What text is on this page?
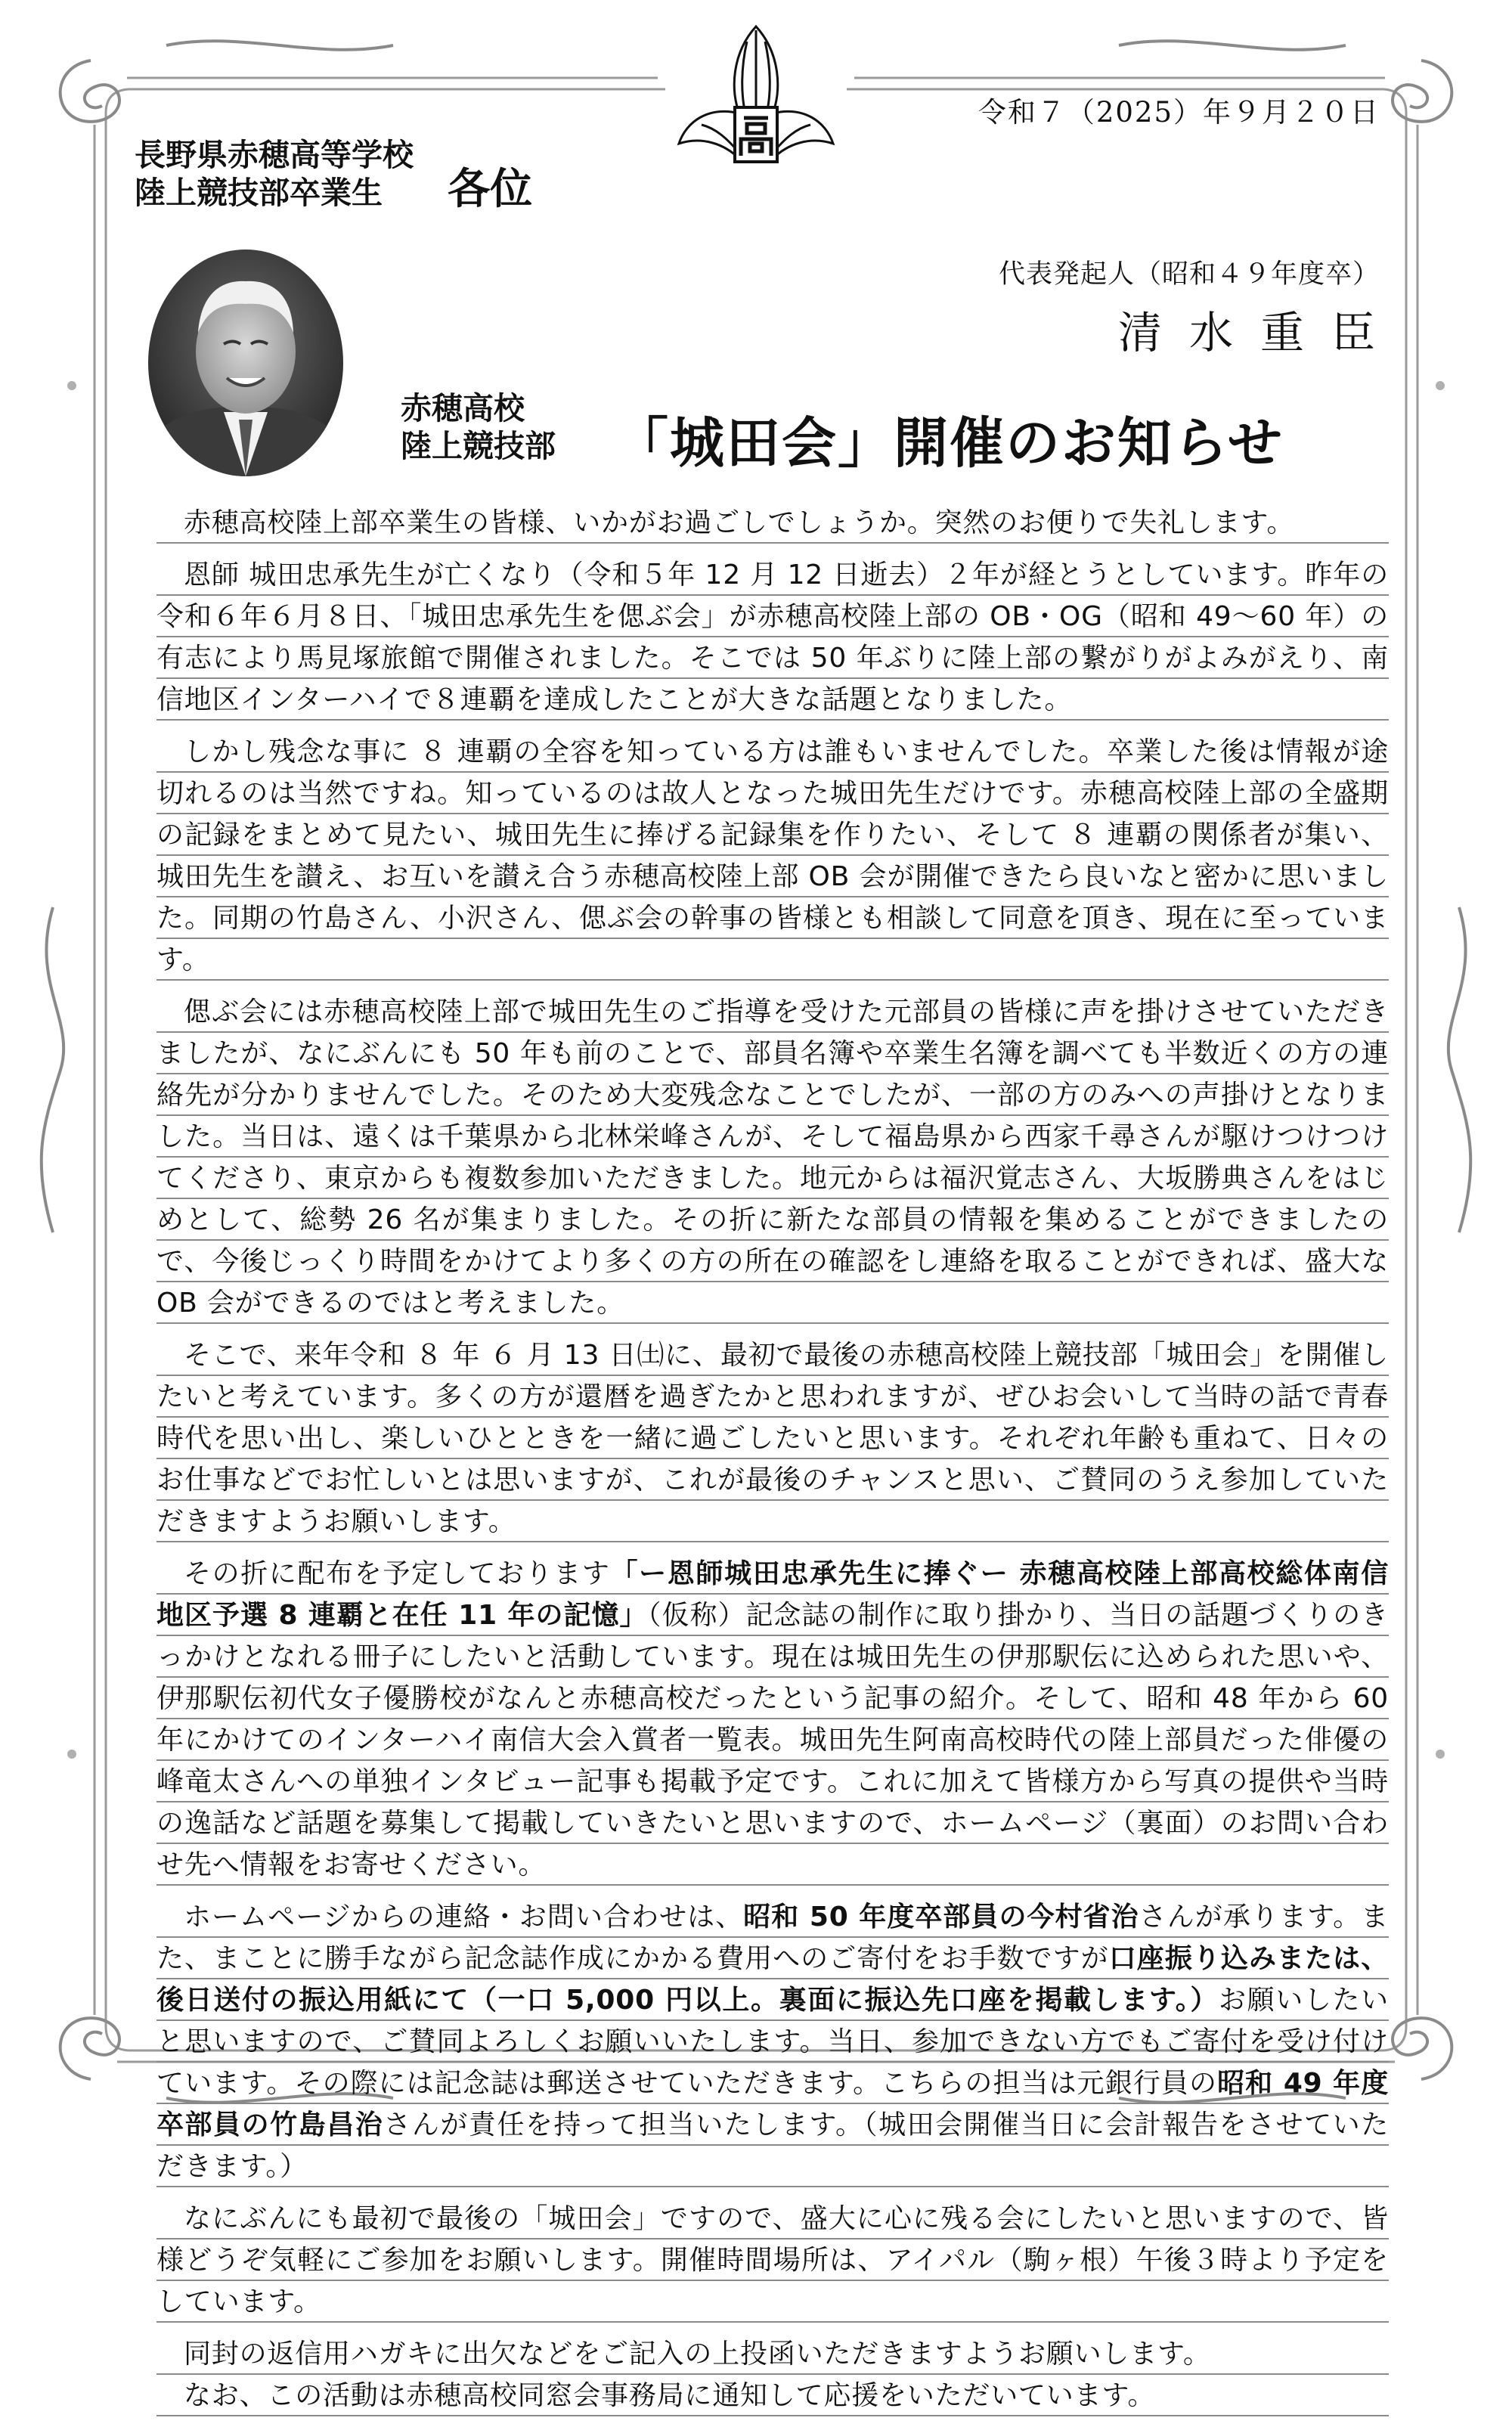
令和７（2025）年９月２０日
長野県赤穂高等学校
陸上競技部卒業生	各位
代表発起人（昭和４９年度卒）
清水重臣
赤穂高校
陸上競技部 「城田会」開催のお知らせ

赤穂高校陸上部卒業生の皆様、いかがお過ごしでしょうか。突然のお便りで失礼します。

恩師 城田忠承先生が亡くなり（令和５年 12 月 12 日逝去）２年が経とうとしています。昨年の令和６年６月８日、「城田忠承先生を偲ぶ会」が赤穂高校陸上部の OB・OG（昭和 49～60 年）の有志により馬見塚旅館で開催されました。そこでは 50 年ぶりに陸上部の繋がりがよみがえり、南信地区インターハイで８連覇を達成したことが大きな話題となりました。

しかし残念な事に ８ 連覇の全容を知っている方は誰もいませんでした。卒業した後は情報が途切れるのは当然ですね。知っているのは故人となった城田先生だけです。赤穂高校陸上部の全盛期の記録をまとめて見たい、城田先生に捧げる記録集を作りたい、そして ８ 連覇の関係者が集い、城田先生を讃え、お互いを讃え合う赤穂高校陸上部 OB 会が開催できたら良いなと密かに思いました。同期の竹島さん、小沢さん、偲ぶ会の幹事の皆様とも相談して同意を頂き、現在に至っています。

偲ぶ会には赤穂高校陸上部で城田先生のご指導を受けた元部員の皆様に声を掛けさせていただきましたが、なにぶんにも 50 年も前のことで、部員名簿や卒業生名簿を調べても半数近くの方の連絡先が分かりませんでした。そのため大変残念なことでしたが、一部の方のみへの声掛けとなりました。当日は、遠くは千葉県から北林栄峰さんが、そして福島県から西家千尋さんが駆けつけつけてくださり、東京からも複数参加いただきました。地元からは福沢覚志さん、大坂勝典さんをはじめとして、総勢 26 名が集まりました。その折に新たな部員の情報を集めることができましたので、今後じっくり時間をかけてより多くの方の所在の確認をし連絡を取ることができれば、盛大な OB 会ができるのではと考えました。

そこで、来年令和 ８ 年 ６ 月 13 日㈯に、最初で最後の赤穂高校陸上競技部「城田会」を開催したいと考えています。多くの方が還暦を過ぎたかと思われますが、ぜひお会いして当時の話で青春時代を思い出し、楽しいひとときを一緒に過ごしたいと思います。それぞれ年齢も重ねて、日々のお仕事などでお忙しいとは思いますが、これが最後のチャンスと思い、ご賛同のうえ参加していただきますようお願いします。

その折に配布を予定しております「ー恩師城田忠承先生に捧ぐー 赤穂高校陸上部高校総体南信地区予選 8 連覇と在任 11 年の記憶」（仮称）記念誌の制作に取り掛かり、当日の話題づくりのきっかけとなれる冊子にしたいと活動しています。現在は城田先生の伊那駅伝に込められた思いや、伊那駅伝初代女子優勝校がなんと赤穂高校だったという記事の紹介。そして、昭和 48 年から 60 年にかけてのインターハイ南信大会入賞者一覧表。城田先生阿南高校時代の陸上部員だった俳優の峰竜太さんへの単独インタビュー記事も掲載予定です。これに加えて皆様方から写真の提供や当時の逸話など話題を募集して掲載していきたいと思いますので、ホームページ（裏面）のお問い合わせ先へ情報をお寄せください。

ホームページからの連絡・お問い合わせは、昭和 50 年度卒部員の今村省治さんが承ります。また、まことに勝手ながら記念誌作成にかかる費用へのご寄付をお手数ですが口座振り込みまたは、後日送付の振込用紙にて（一口 5,000 円以上。裏面に振込先口座を掲載します。）お願いしたいと思いますので、ご賛同よろしくお願いいたします。当日、参加できない方でもご寄付を受け付けています。その際には記念誌は郵送させていただきます。こちらの担当は元銀行員の昭和 49 年度卒部員の竹島昌治さんが責任を持って担当いたします。（城田会開催当日に会計報告をさせていただきます。）

なにぶんにも最初で最後の「城田会」ですので、盛大に心に残る会にしたいと思いますので、皆様どうぞ気軽にご参加をお願いします。開催時間場所は、アイパル（駒ヶ根）午後３時より予定をしています。

同封の返信用ハガキに出欠などをご記入の上投函いただきますようお願いします。

なお、この活動は赤穂高校同窓会事務局に通知して応援をいただいています。
